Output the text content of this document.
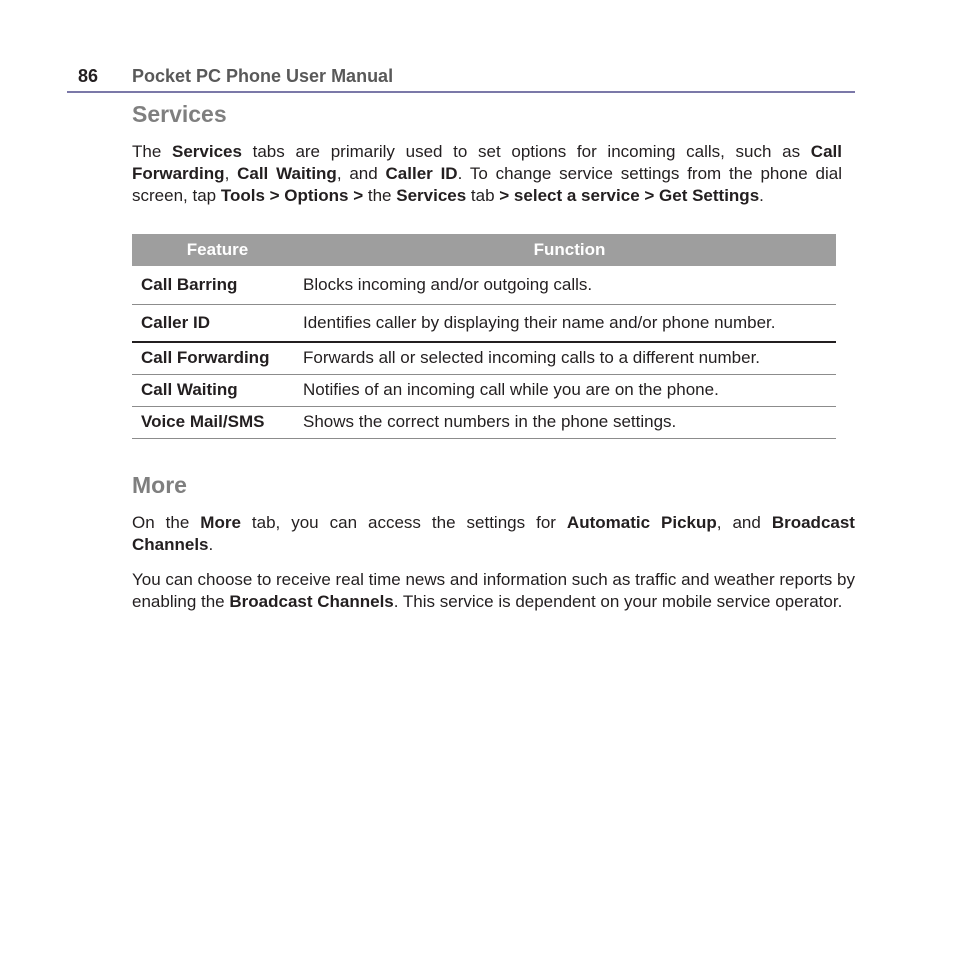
86 Pocket PC Phone User Manual
Services

The Services tabs are primarily used to set options for incoming calls, such as Call Forwarding, Call Waiting, and Caller ID. To change service settings from the phone dial screen, tap Tools > Options > the Services tab > select a service > Get Settings.

Feature	Function
Call Barring	Blocks incoming and/or outgoing calls.
Caller ID	Identifies caller by displaying their name and/or phone number.
Call Forwarding	Forwards all or selected incoming calls to a different number.
Call Waiting	Notifies of an incoming call while you are on the phone.
Voice Mail/SMS	Shows the correct numbers in the phone settings.
More

On the More tab, you can access the settings for Automatic Pickup, and Broadcast Channels.

You can choose to receive real time news and information such as traffic and weather reports by enabling the Broadcast Channels. This service is dependent on your mobile service operator.
